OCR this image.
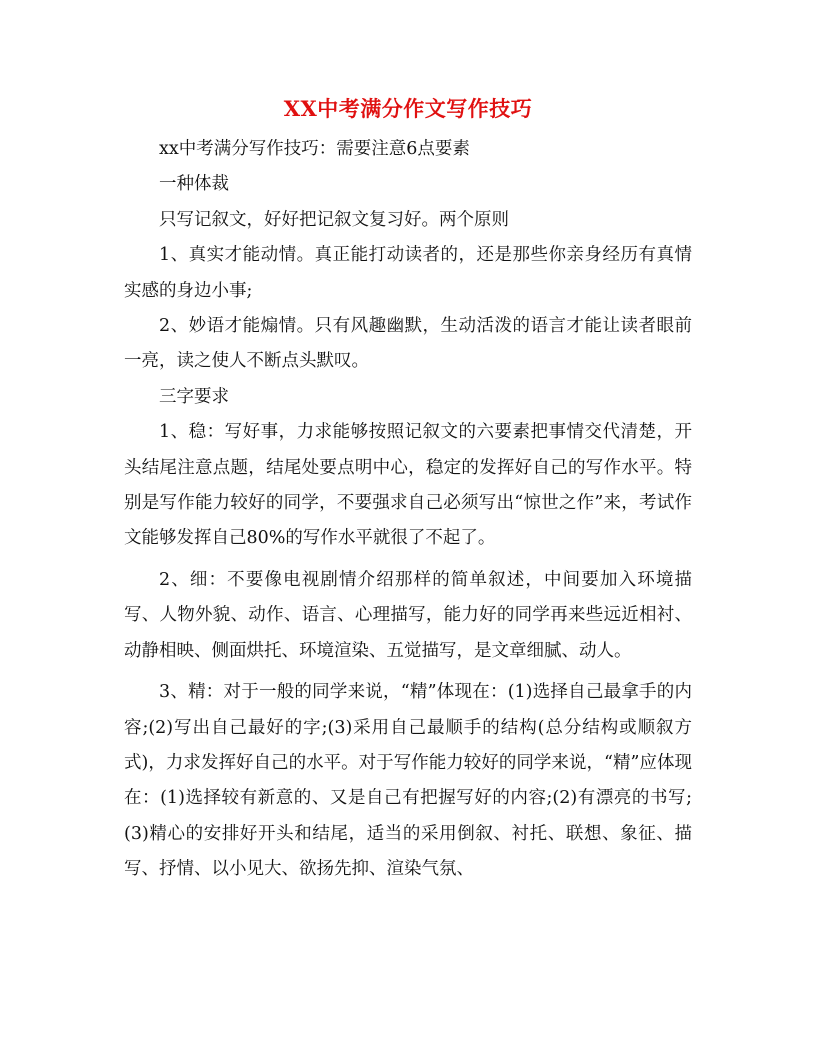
XX中考满分作文写作技巧

xx中考满分写作技巧：需要注意6点要素

一种体裁

只写记叙文，好好把记叙文复习好。两个原则

1、真实才能动情。真正能打动读者的，还是那些你亲身经历有真情实感的身边小事;

2、妙语才能煽情。只有风趣幽默，生动活泼的语言才能让读者眼前一亮，读之使人不断点头默叹。

三字要求

1、稳：写好事，力求能够按照记叙文的六要素把事情交代清楚，开头结尾注意点题，结尾处要点明中心，稳定的发挥好自己的写作水平。特别是写作能力较好的同学，不要强求自己必须写出“惊世之作”来，考试作文能够发挥自己80%的写作水平就很了不起了。

2、细：不要像电视剧情介绍那样的简单叙述，中间要加入环境描写、人物外貌、动作、语言、心理描写，能力好的同学再来些远近相衬、动静相映、侧面烘托、环境渲染、五觉描写，是文章细腻、动人。

3、精：对于一般的同学来说，“精”体现在：(1)选择自己最拿手的内容;(2)写出自己最好的字;(3)采用自己最顺手的结构(总分结构或顺叙方式)，力求发挥好自己的水平。对于写作能力较好的同学来说，“精”应体现在：(1)选择较有新意的、又是自己有把握写好的内容;(2)有漂亮的书写;(3)精心的安排好开头和结尾，适当的采用倒叙、衬托、联想、象征、描写、抒情、以小见大、欲扬先抑、渲染气氛、
